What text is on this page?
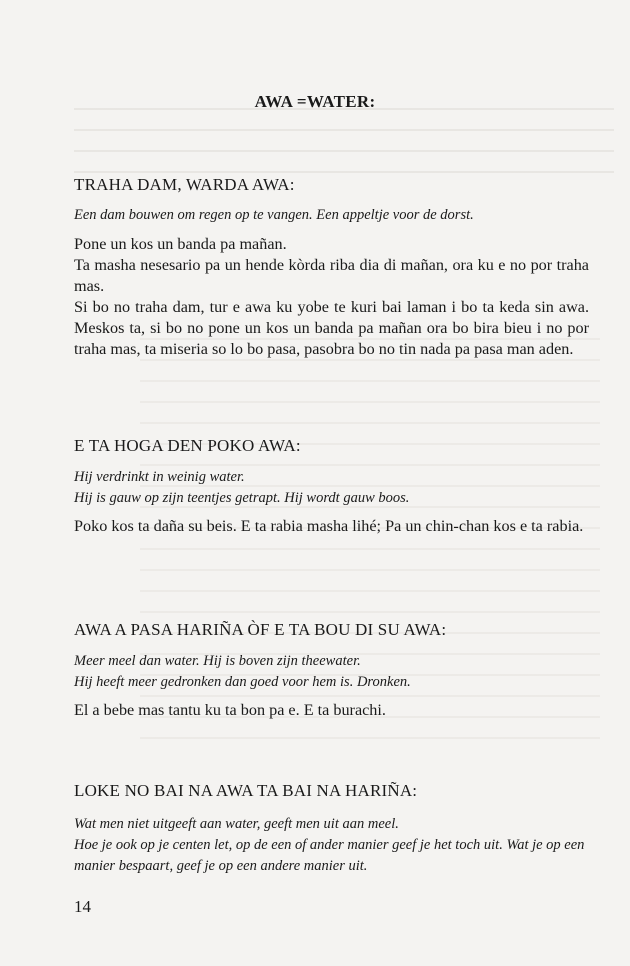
AWA =WATER:
TRAHA DAM, WARDA AWA:
Een dam bouwen om regen op te vangen. Een appeltje voor de dorst.

Pone un kos un banda pa mañan.

Ta masha nesesario pa un hende kòrda riba dia di mañan, ora ku e no por traha mas.

Si bo no traha dam, tur e awa ku yobe te kuri bai laman i bo ta keda sin awa. Meskos ta, si bo no pone un kos un banda pa mañan ora bo bira bieu i no por traha mas, ta miseria so lo bo pasa, pasobra bo no tin nada pa pasa man aden.

E TA HOGA DEN POKO AWA:
Hij verdrinkt in weinig water.
Hij is gauw op zijn teentjes getrapt. Hij wordt gauw boos.

Poko kos ta daña su beis. E ta rabia masha lihé; Pa un chin-chan kos e ta rabia.

AWA A PASA HARIÑA ÒF E TA BOU DI SU AWA:
Meer meel dan water. Hij is boven zijn theewater.
Hij heeft meer gedronken dan goed voor hem is. Dronken.

El a bebe mas tantu ku ta bon pa e. E ta burachi.

LOKE NO BAI NA AWA TA BAI NA HARIÑA:
Wat men niet uitgeeft aan water, geeft men uit aan meel.
Hoe je ook op je centen let, op de een of ander manier geef je het toch uit. Wat je op een manier bespaart, geef je op een andere manier uit.
14
